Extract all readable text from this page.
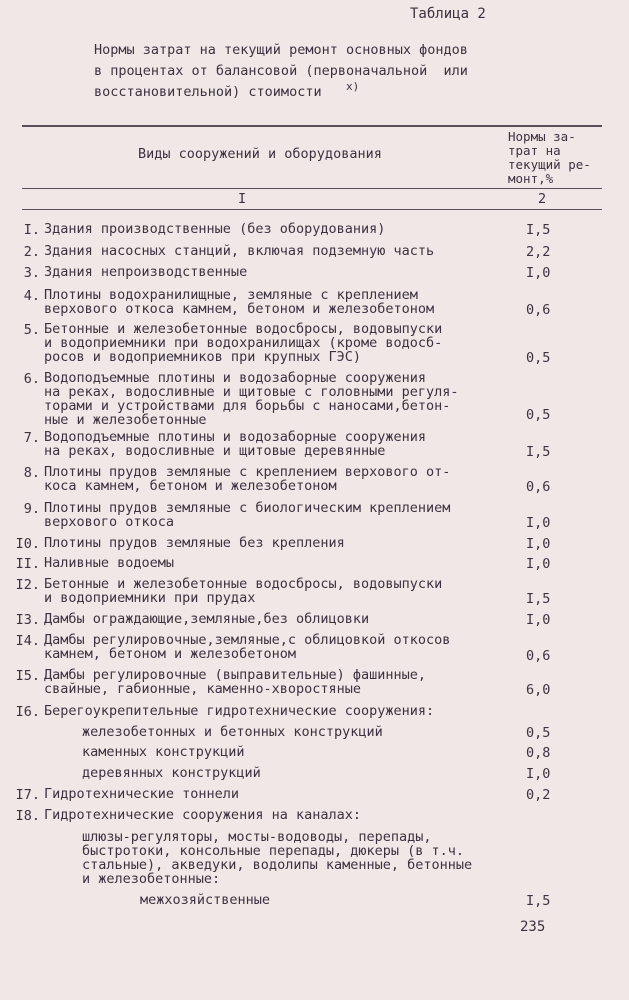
Таблица 2
Нормы затрат на текущий ремонт основных фондов
в процентах от балансовой (первоначальной  или
восстановительной) стоимости	х)
Виды сооружений и оборудования
Нормы за-
трат на
текущий ре-
монт,%
I	2
I. Здания производственные (без оборудования)	I,5
2. Здания насосных станций, включая подземную часть	2,2
3. Здания непроизводственные	I,0
4. Плотины водохранилищные, земляные с креплением
верхового откоса камнем, бетоном и железобетоном	0,6
5. Бетонные и железобетонные водосбросы, водовыпуски
и водоприемники при водохранилищах (кроме водосб-
росов и водоприемников при крупных ГЭС)	0,5
6. Водоподъемные плотины и водозаборные сооружения
на реках, водосливные и щитовые с головными регуля-
торами и устройствами для борьбы с наносами,бетон-
ные и железобетонные	0,5
7. Водоподъемные плотины и водозаборные сооружения
на реках, водосливные и щитовые деревянные	I,5
8. Плотины прудов земляные с креплением верхового от-
коса камнем, бетоном и железобетоном	0,6
9. Плотины прудов земляные с биологическим креплением
верхового откоса	I,0
I0. Плотины прудов земляные без крепления	I,0
II. Наливные водоемы	I,0
I2. Бетонные и железобетонные водосбросы, водовыпуски
и водоприемники при прудах	I,5
I3. Дамбы ограждающие,земляные,без облицовки	I,0
I4. Дамбы регулировочные,земляные,с облицовкой откосов
камнем, бетоном и железобетоном	0,6
I5. Дамбы регулировочные (выправительные) фашинные,
свайные, габионные, каменно-хворостяные	6,0
I6. Берегоукрепительные гидротехнические сооружения:
железобетонных и бетонных конструкций	0,5
каменных конструкций	0,8
деревянных конструкций	I,0
I7. Гидротехнические тоннели	0,2
I8. Гидротехнические сооружения на каналах:
шлюзы-регуляторы, мосты-водоводы, перепады,
быстротоки, консольные перепады, дюкеры (в т.ч.
стальные), акведуки, водолипы каменные, бетонные
и железобетонные:
межхозяйственные	I,5
235
